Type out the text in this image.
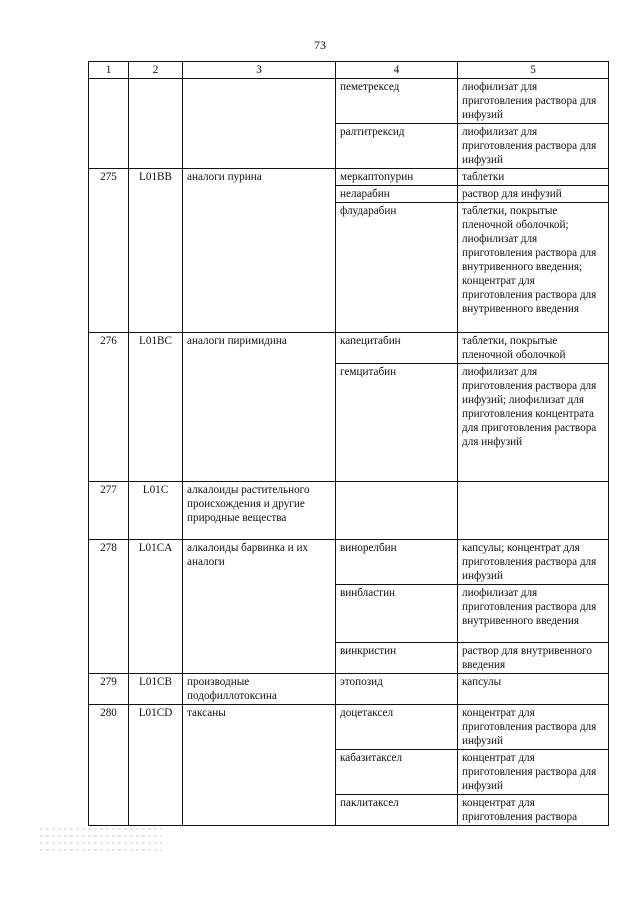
73
1	2	3	4	5
			пеметрексед	лиофилизат для приготовления раствора для инфузий
			ралтитрексид	лиофилизат для приготовления раствора для инфузий
275	L01BB	аналоги пурина	меркаптопурин	таблетки
			неларабин	раствор для инфузий
			флударабин	таблетки, покрытые пленочной оболочкой; лиофилизат для приготовления раствора для внутривенного введения; концентрат для приготовления раствора для внутривенного введения
276	L01BC	аналоги пиримидина	капецитабин	таблетки, покрытые пленочной оболочкой
			гемцитабин	лиофилизат для приготовления раствора для инфузий; лиофилизат для приготовления концентрата для приготовления раствора для инфузий
277	L01C	алкалоиды растительного происхождения и другие природные вещества		
278	L01CA	алкалоиды барвинка и их аналоги	винорелбин	капсулы; концентрат для приготовления раствора для инфузий
			винбластин	лиофилизат для приготовления раствора для внутривенного введения
			винкристин	раствор для внутривенного введения
279	L01CB	производные подофиллотоксина	этопозид	капсулы
280	L01CD	таксаны	доцетаксел	концентрат для приготовления раствора для инфузий
			кабазитаксел	концентрат для приготовления раствора для инфузий
			паклитаксел	концентрат для приготовления раствора
